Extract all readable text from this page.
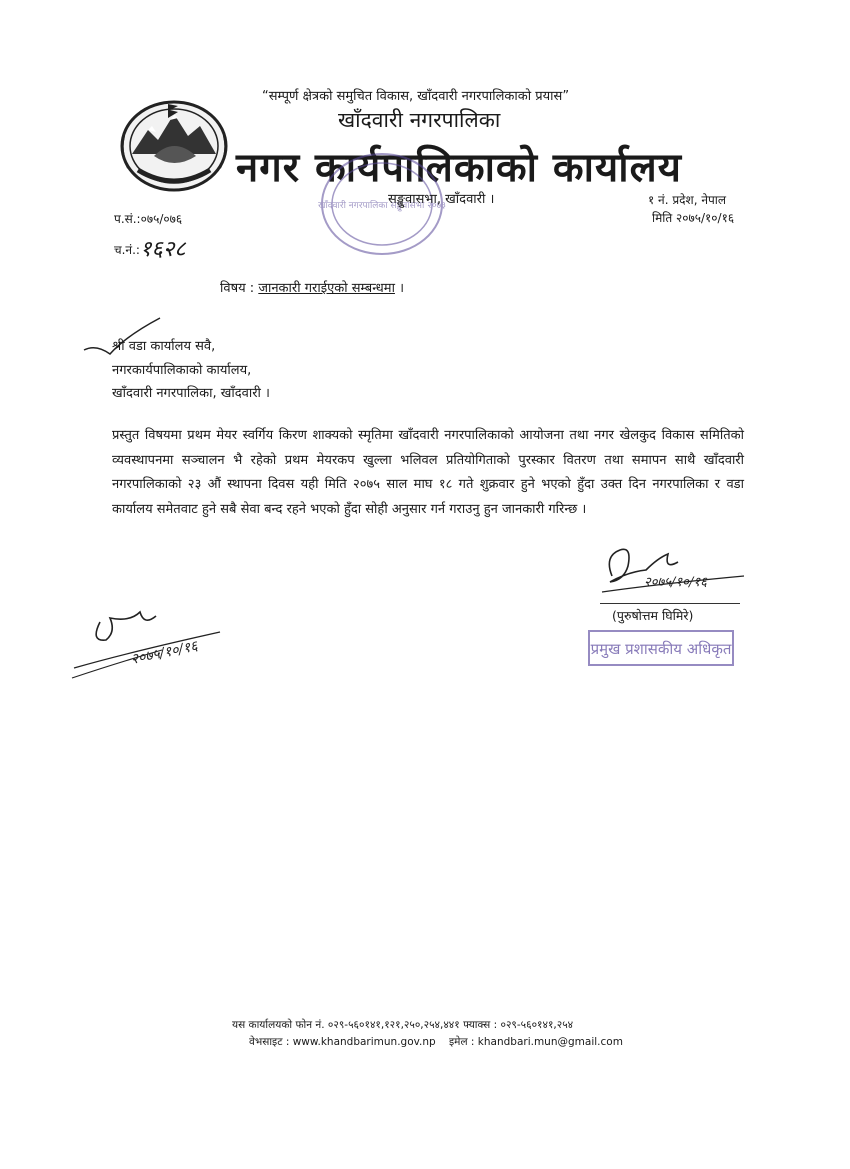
“सम्पूर्ण क्षेत्रको समुचित विकास, खाँदवारी नगरपालिकाको प्रयास”
खाँदवारी नगरपालिका
नगर कार्यपालिकाको कार्यालय
खाँदवारी नगरपालिका सङ्खुवासभा २०७३
सङ्खुवासभा, खाँदवारी ।	१ नं. प्रदेश, नेपाल
मिति २०७५/१०/१६
प.सं.:०७५/०७६
च.नं.:१६२८
विषय : जानकारी गराईएको सम्बन्धमा ।
श्री वडा कार्यालय सवै,
नगरकार्यपालिकाको कार्यालय,
खाँदवारी नगरपालिका, खाँदवारी ।
प्रस्तुत विषयमा प्रथम मेयर स्वर्गिय किरण शाक्यको स्मृतिमा खाँदवारी नगरपालिकाको आयोजना तथा नगर खेलकुद विकास समितिको व्यवस्थापनमा सञ्चालन भै रहेको प्रथम मेयरकप खुल्ला भलिवल प्रतियोगिताको पुरस्कार वितरण तथा समापन साथै खाँदवारी नगरपालिकाको २३ औं स्थापना दिवस यही मिति २०७५ साल माघ १८ गते शुक्रवार हुने भएको हुँदा उक्त दिन नगरपालिका र वडा कार्यालय समेतवाट हुने सबै सेवा बन्द रहने भएको हुँदा सोही अनुसार गर्न गराउनु हुन जानकारी गरिन्छ ।
२०७५/१०/१६
(पुरुषोत्तम घिमिरे)
प्रमुख प्रशासकीय अधिकृत
२०७५/१०/१६
यस कार्यालयको फोन नं. ०२९-५६०१४१,१२१,२५०,२५४,४४१ फ्याक्स : ०२९-५६०१४१,२५४
वेभसाइट : www.khandbarimun.gov.np    इमेल : khandbari.mun@gmail.com
